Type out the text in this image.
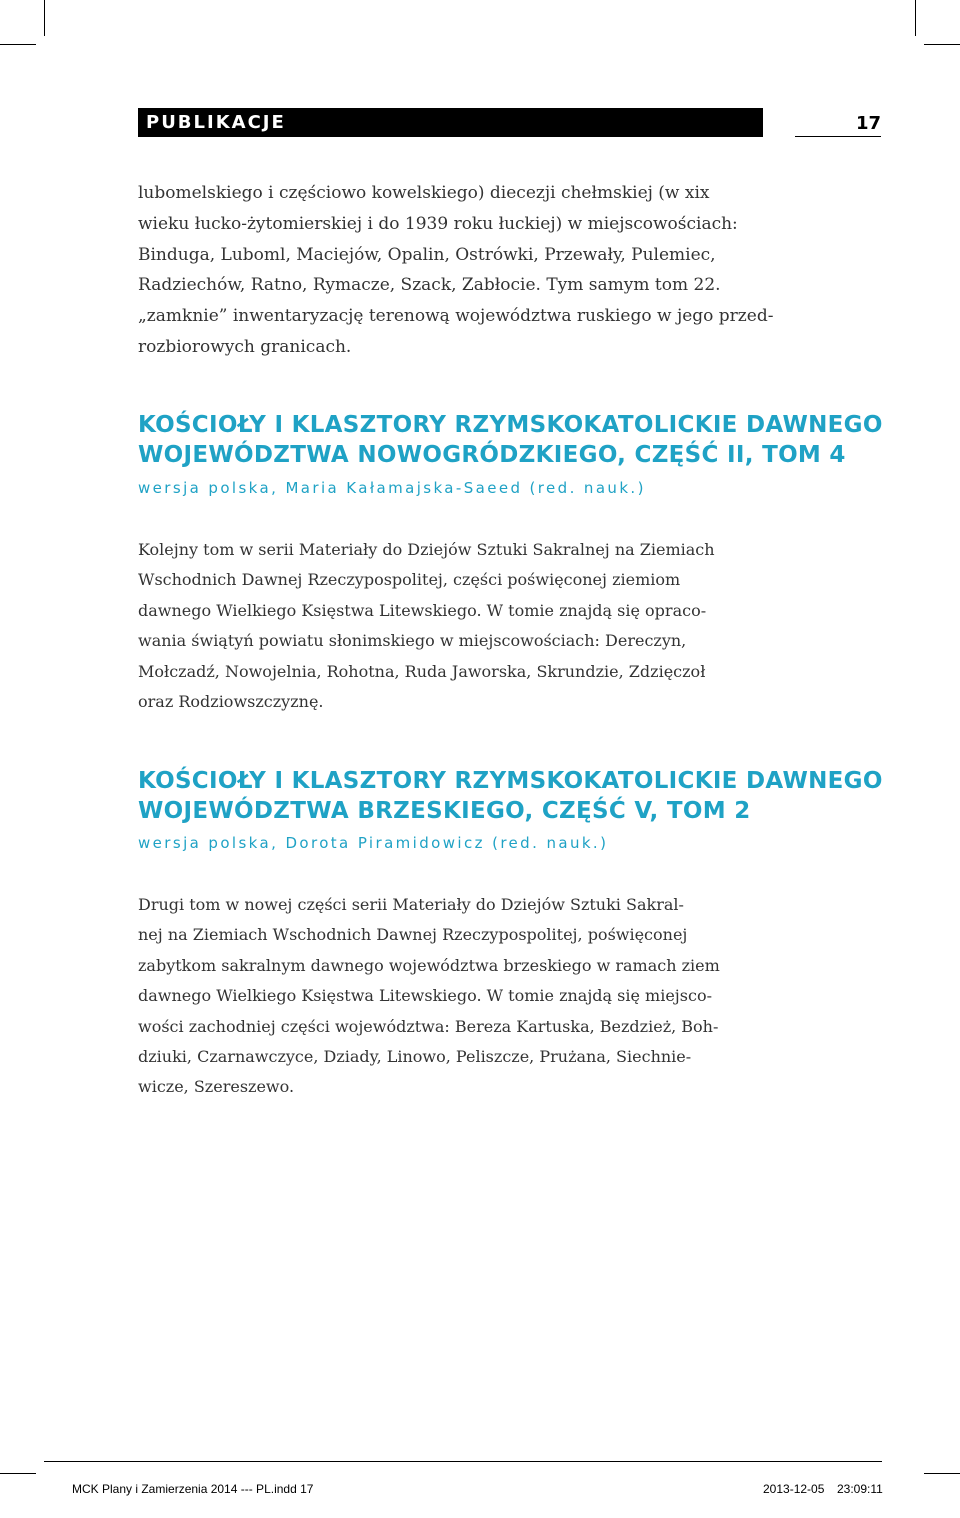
PUBLIKACJE	17
lubomelskiego i częściowo kowelskiego) diecezji chełmskiej (w xix
wieku łucko-żytomierskiej i do 1939 roku łuckiej) w miejscowościach:
Binduga, Luboml, Maciejów, Opalin, Ostrówki, Przewały, Pulemiec,
Radziechów, Ratno, Rymacze, Szack, Zabłocie. Tym samym tom 22.
„zamknie” inwentaryzację terenową województwa ruskiego w jego przed-
rozbiorowych granicach.
KOŚCIOŁY I KLASZTORY RZYMSKOKATOLICKIE DAWNEGO
WOJEWÓDZTWA NOWOGRÓDZKIEGO, CZĘŚĆ II, TOM 4
wersja polska, Maria Kałamajska-Saeed (red. nauk.)
Kolejny tom w serii Materiały do Dziejów Sztuki Sakralnej na Ziemiach
Wschodnich Dawnej Rzeczypospolitej, części poświęconej ziemiom
dawnego Wielkiego Księstwa Litewskiego. W tomie znajdą się opraco-
wania świątyń powiatu słonimskiego w miejscowościach: Dereczyn,
Mołczadź, Nowojelnia, Rohotna, Ruda Jaworska, Skrundzie, Zdzięczoł
oraz Rodziowszczyznę.
KOŚCIOŁY I KLASZTORY RZYMSKOKATOLICKIE DAWNEGO
WOJEWÓDZTWA BRZESKIEGO, CZĘŚĆ V, TOM 2
wersja polska, Dorota Piramidowicz (red. nauk.)
Drugi tom w nowej części serii Materiały do Dziejów Sztuki Sakral-
nej na Ziemiach Wschodnich Dawnej Rzeczypospolitej, poświęconej
zabytkom sakralnym dawnego województwa brzeskiego w ramach ziem
dawnego Wielkiego Księstwa Litewskiego. W tomie znajdą się miejsco-
wości zachodniej części województwa: Bereza Kartuska, Bezdzież, Boh-
dziuki, Czarnawczyce, Dziady, Linowo, Peliszcze, Prużana, Siechnie-
wicze, Szereszewo.
MCK Plany i Zamierzenia 2014 --- PL.indd 17	2013-12-05 23:09:11
